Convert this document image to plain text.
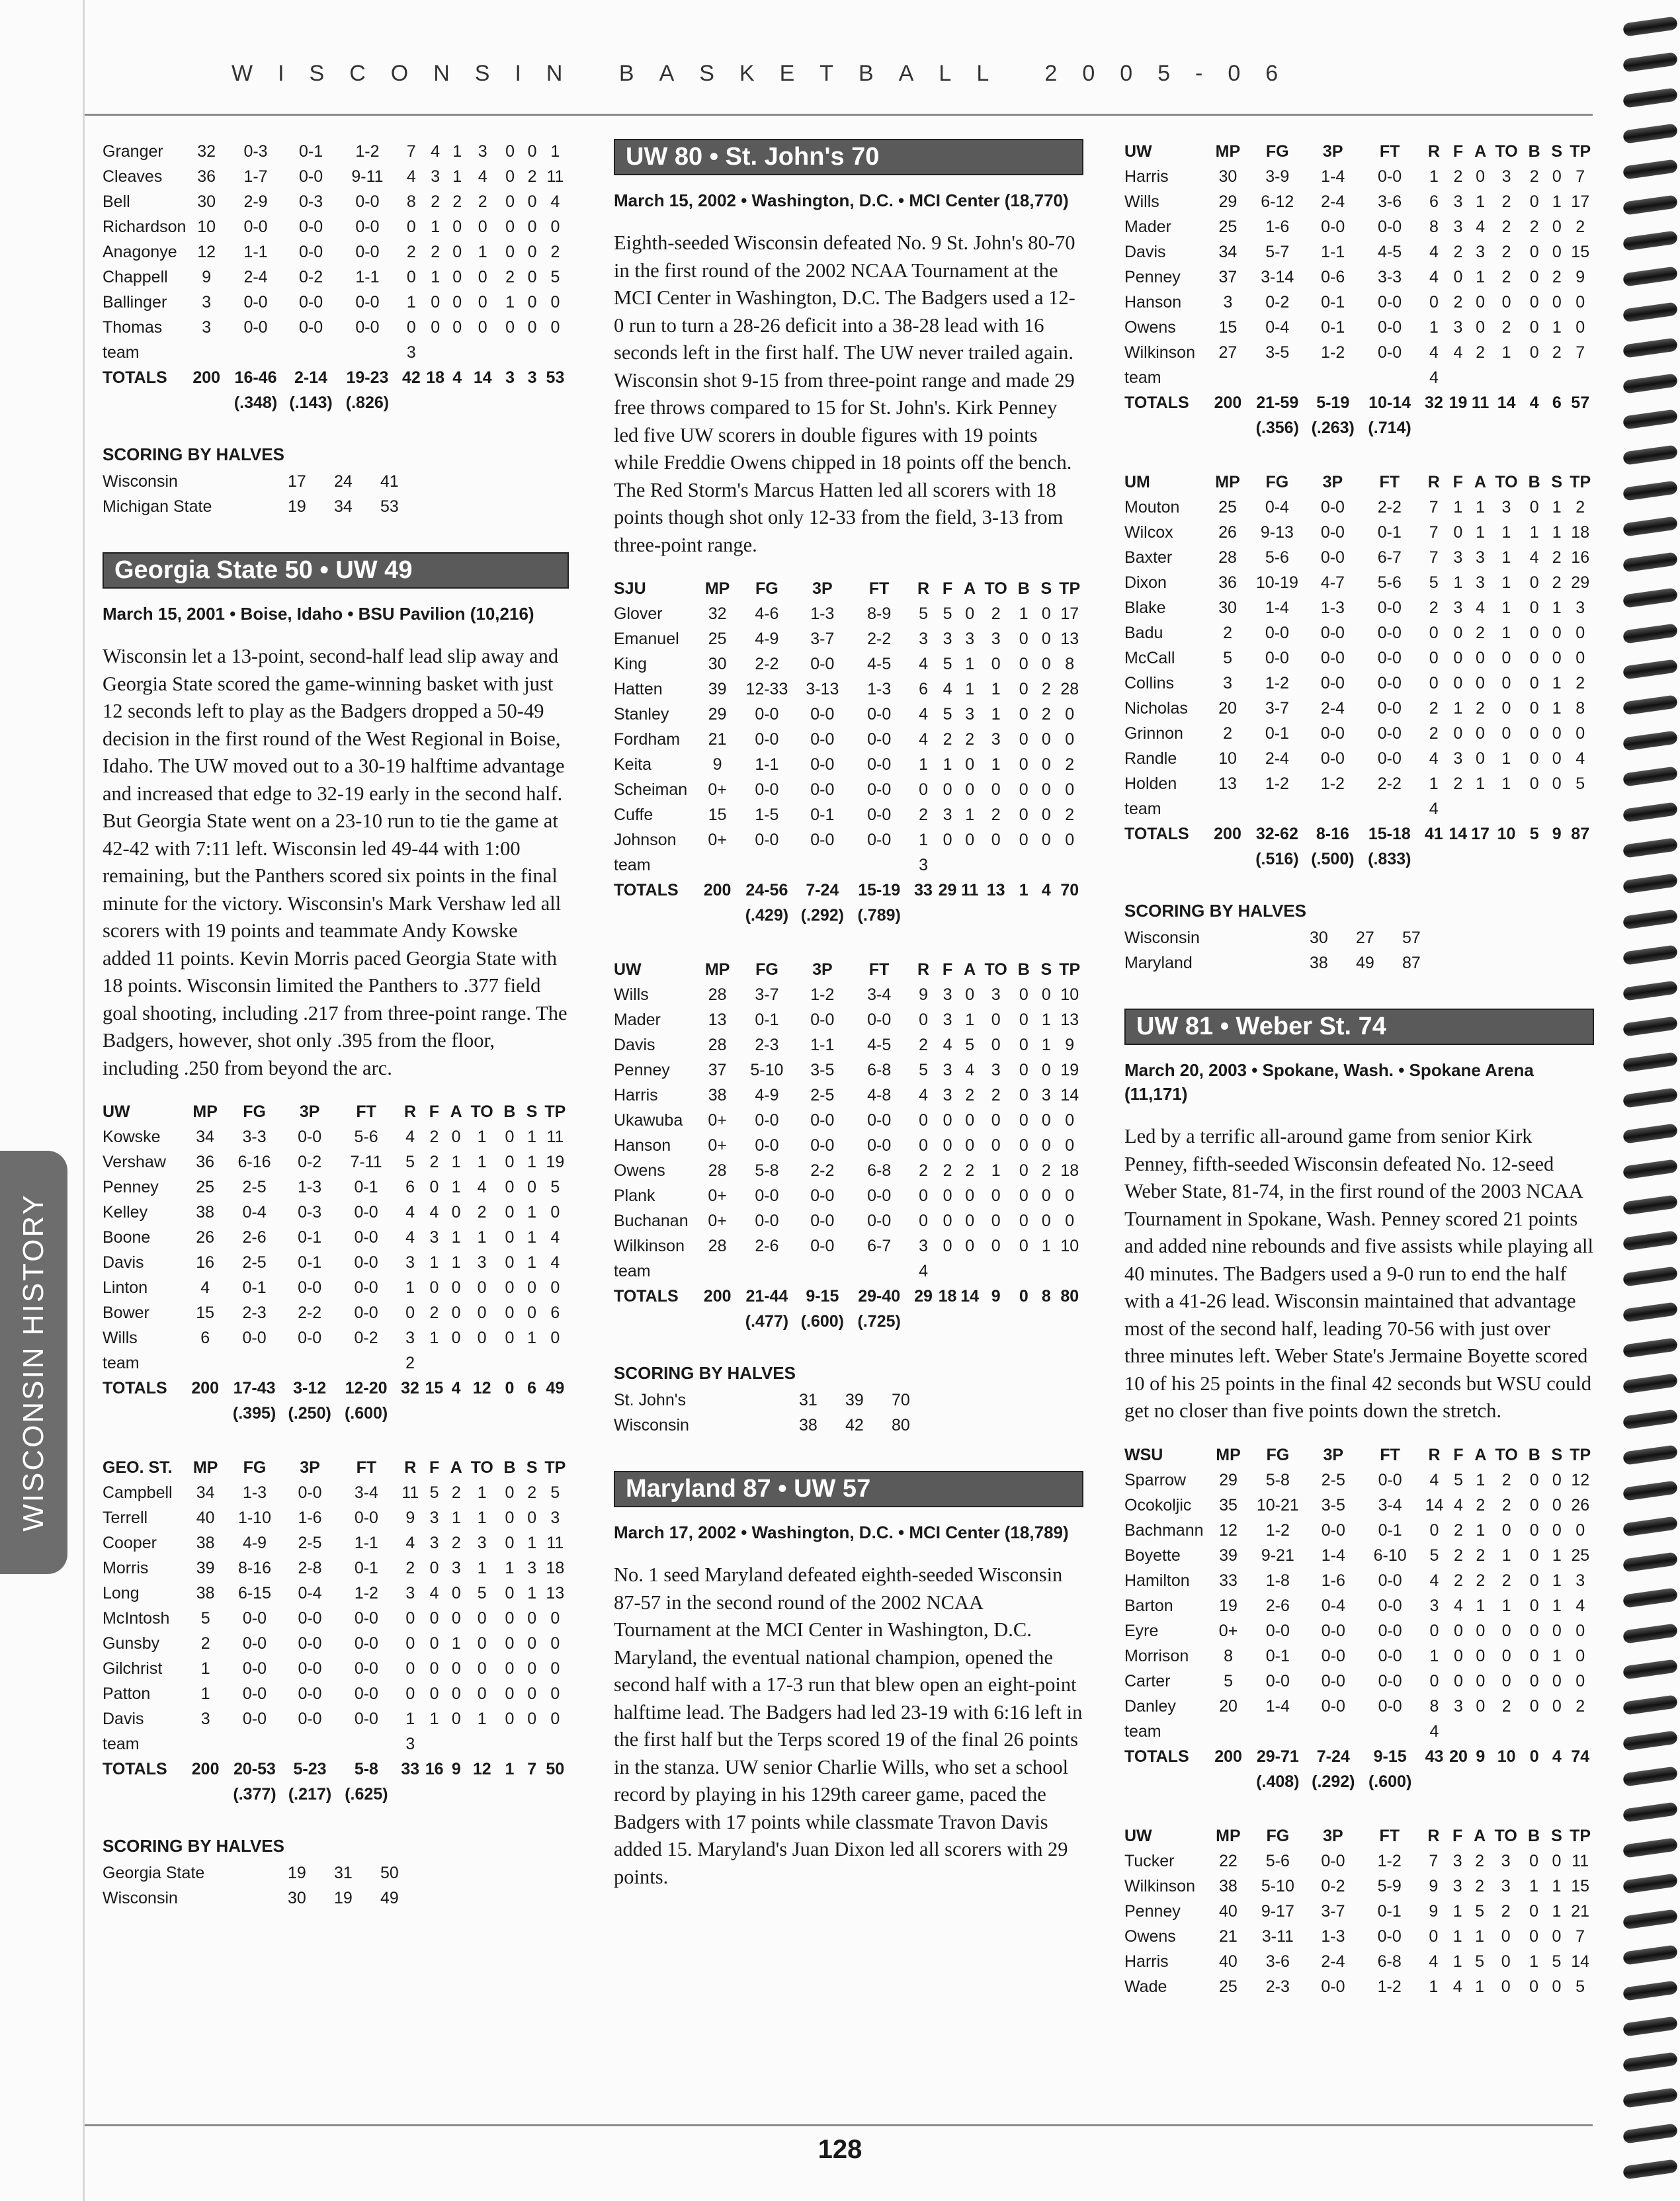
WISCONSIN BASKETBALL 2005-06
WISCONSIN HISTORY
Granger	32	0-3	0-1	1-2	7	4	1	3	0	0	1
Cleaves	36	1-7	0-0	9-11	4	3	1	4	0	2	11
Bell	30	2-9	0-3	0-0	8	2	2	2	0	0	4
Richardson	10	0-0	0-0	0-0	0	1	0	0	0	0	0
Anagonye	12	1-1	0-0	0-0	2	2	0	1	0	0	2
Chappell	9	2-4	0-2	1-1	0	1	0	0	2	0	5
Ballinger	3	0-0	0-0	0-0	1	0	0	0	1	0	0
Thomas	3	0-0	0-0	0-0	0	0	0	0	0	0	0
team					3						
TOTALS	200	16-46	2-14	19-23	42	18	4	14	3	3	53
		(.348)	(.143)	(.826)							
SCORING BY HALVES
Wisconsin	17	24	41
Michigan State	19	34	53
Georgia State 50 • UW 49
March 15, 2001 • Boise, Idaho • BSU Pavilion (10,216)
Wisconsin let a 13-point, second-half lead slip away and Georgia State scored the game-winning basket with just 12 seconds left to play as the Badgers dropped a 50-49 decision in the first round of the West Regional in Boise, Idaho. The UW moved out to a 30-19 halftime advantage and increased that edge to 32-19 early in the second half. But Georgia State went on a 23-10 run to tie the game at 42-42 with 7:11 left. Wisconsin led 49-44 with 1:00 remaining, but the Panthers scored six points in the final minute for the victory. Wisconsin's Mark Vershaw led all scorers with 19 points and teammate Andy Kowske added 11 points. Kevin Morris paced Georgia State with 18 points. Wisconsin limited the Panthers to .377 field goal shooting, including .217 from three-point range. The Badgers, however, shot only .395 from the floor, including .250 from beyond the arc.
UW	MP	FG	3P	FT	R	F	A	TO	B	S	TP
Kowske	34	3-3	0-0	5-6	4	2	0	1	0	1	11
Vershaw	36	6-16	0-2	7-11	5	2	1	1	0	1	19
Penney	25	2-5	1-3	0-1	6	0	1	4	0	0	5
Kelley	38	0-4	0-3	0-0	4	4	0	2	0	1	0
Boone	26	2-6	0-1	0-0	4	3	1	1	0	1	4
Davis	16	2-5	0-1	0-0	3	1	1	3	0	1	4
Linton	4	0-1	0-0	0-0	1	0	0	0	0	0	0
Bower	15	2-3	2-2	0-0	0	2	0	0	0	0	6
Wills	6	0-0	0-0	0-2	3	1	0	0	0	1	0
team					2						
TOTALS	200	17-43	3-12	12-20	32	15	4	12	0	6	49
		(.395)	(.250)	(.600)							
GEO. ST.	MP	FG	3P	FT	R	F	A	TO	B	S	TP
Campbell	34	1-3	0-0	3-4	11	5	2	1	0	2	5
Terrell	40	1-10	1-6	0-0	9	3	1	1	0	0	3
Cooper	38	4-9	2-5	1-1	4	3	2	3	0	1	11
Morris	39	8-16	2-8	0-1	2	0	3	1	1	3	18
Long	38	6-15	0-4	1-2	3	4	0	5	0	1	13
McIntosh	5	0-0	0-0	0-0	0	0	0	0	0	0	0
Gunsby	2	0-0	0-0	0-0	0	0	1	0	0	0	0
Gilchrist	1	0-0	0-0	0-0	0	0	0	0	0	0	0
Patton	1	0-0	0-0	0-0	0	0	0	0	0	0	0
Davis	3	0-0	0-0	0-0	1	1	0	1	0	0	0
team					3						
TOTALS	200	20-53	5-23	5-8	33	16	9	12	1	7	50
		(.377)	(.217)	(.625)							
SCORING BY HALVES
Georgia State	19	31	50
Wisconsin	30	19	49
UW 80 • St. John's 70
March 15, 2002 • Washington, D.C. • MCI Center (18,770)
Eighth-seeded Wisconsin defeated No. 9 St. John's 80-70 in the first round of the 2002 NCAA Tournament at the MCI Center in Washington, D.C. The Badgers used a 12-0 run to turn a 28-26 deficit into a 38-28 lead with 16 seconds left in the first half. The UW never trailed again. Wisconsin shot 9-15 from three-point range and made 29 free throws compared to 15 for St. John's. Kirk Penney led five UW scorers in double figures with 19 points while Freddie Owens chipped in 18 points off the bench. The Red Storm's Marcus Hatten led all scorers with 18 points though shot only 12-33 from the field, 3-13 from three-point range.
SJU	MP	FG	3P	FT	R	F	A	TO	B	S	TP
Glover	32	4-6	1-3	8-9	5	5	0	2	1	0	17
Emanuel	25	4-9	3-7	2-2	3	3	3	3	0	0	13
King	30	2-2	0-0	4-5	4	5	1	0	0	0	8
Hatten	39	12-33	3-13	1-3	6	4	1	1	0	2	28
Stanley	29	0-0	0-0	0-0	4	5	3	1	0	2	0
Fordham	21	0-0	0-0	0-0	4	2	2	3	0	0	0
Keita	9	1-1	0-0	0-0	1	1	0	1	0	0	2
Scheiman	0+	0-0	0-0	0-0	0	0	0	0	0	0	0
Cuffe	15	1-5	0-1	0-0	2	3	1	2	0	0	2
Johnson	0+	0-0	0-0	0-0	1	0	0	0	0	0	0
team					3						
TOTALS	200	24-56	7-24	15-19	33	29	11	13	1	4	70
		(.429)	(.292)	(.789)							
UW	MP	FG	3P	FT	R	F	A	TO	B	S	TP
Wills	28	3-7	1-2	3-4	9	3	0	3	0	0	10
Mader	13	0-1	0-0	0-0	0	3	1	0	0	1	13
Davis	28	2-3	1-1	4-5	2	4	5	0	0	1	9
Penney	37	5-10	3-5	6-8	5	3	4	3	0	0	19
Harris	38	4-9	2-5	4-8	4	3	2	2	0	3	14
Ukawuba	0+	0-0	0-0	0-0	0	0	0	0	0	0	0
Hanson	0+	0-0	0-0	0-0	0	0	0	0	0	0	0
Owens	28	5-8	2-2	6-8	2	2	2	1	0	2	18
Plank	0+	0-0	0-0	0-0	0	0	0	0	0	0	0
Buchanan	0+	0-0	0-0	0-0	0	0	0	0	0	0	0
Wilkinson	28	2-6	0-0	6-7	3	0	0	0	0	1	10
team					4						
TOTALS	200	21-44	9-15	29-40	29	18	14	9	0	8	80
		(.477)	(.600)	(.725)							
SCORING BY HALVES
St. John's	31	39	70
Wisconsin	38	42	80
Maryland 87 • UW 57
March 17, 2002 • Washington, D.C. • MCI Center (18,789)
No. 1 seed Maryland defeated eighth-seeded Wisconsin 87-57 in the second round of the 2002 NCAA Tournament at the MCI Center in Washington, D.C. Maryland, the eventual national champion, opened the second half with a 17-3 run that blew open an eight-point halftime lead. The Badgers had led 23-19 with 6:16 left in the first half but the Terps scored 19 of the final 26 points in the stanza. UW senior Charlie Wills, who set a school record by playing in his 129th career game, paced the Badgers with 17 points while classmate Travon Davis added 15. Maryland's Juan Dixon led all scorers with 29 points.
UW	MP	FG	3P	FT	R	F	A	TO	B	S	TP
Harris	30	3-9	1-4	0-0	1	2	0	3	2	0	7
Wills	29	6-12	2-4	3-6	6	3	1	2	0	1	17
Mader	25	1-6	0-0	0-0	8	3	4	2	2	0	2
Davis	34	5-7	1-1	4-5	4	2	3	2	0	0	15
Penney	37	3-14	0-6	3-3	4	0	1	2	0	2	9
Hanson	3	0-2	0-1	0-0	0	2	0	0	0	0	0
Owens	15	0-4	0-1	0-0	1	3	0	2	0	1	0
Wilkinson	27	3-5	1-2	0-0	4	4	2	1	0	2	7
team					4						
TOTALS	200	21-59	5-19	10-14	32	19	11	14	4	6	57
		(.356)	(.263)	(.714)							
UM	MP	FG	3P	FT	R	F	A	TO	B	S	TP
Mouton	25	0-4	0-0	2-2	7	1	1	3	0	1	2
Wilcox	26	9-13	0-0	0-1	7	0	1	1	1	1	18
Baxter	28	5-6	0-0	6-7	7	3	3	1	4	2	16
Dixon	36	10-19	4-7	5-6	5	1	3	1	0	2	29
Blake	30	1-4	1-3	0-0	2	3	4	1	0	1	3
Badu	2	0-0	0-0	0-0	0	0	2	1	0	0	0
McCall	5	0-0	0-0	0-0	0	0	0	0	0	0	0
Collins	3	1-2	0-0	0-0	0	0	0	0	0	1	2
Nicholas	20	3-7	2-4	0-0	2	1	2	0	0	1	8
Grinnon	2	0-1	0-0	0-0	2	0	0	0	0	0	0
Randle	10	2-4	0-0	0-0	4	3	0	1	0	0	4
Holden	13	1-2	1-2	2-2	1	2	1	1	0	0	5
team					4						
TOTALS	200	32-62	8-16	15-18	41	14	17	10	5	9	87
		(.516)	(.500)	(.833)							
SCORING BY HALVES
Wisconsin	30	27	57
Maryland	38	49	87
UW 81 • Weber St. 74
March 20, 2003 • Spokane, Wash. • Spokane Arena (11,171)
Led by a terrific all-around game from senior Kirk Penney, fifth-seeded Wisconsin defeated No. 12-seed Weber State, 81-74, in the first round of the 2003 NCAA Tournament in Spokane, Wash. Penney scored 21 points and added nine rebounds and five assists while playing all 40 minutes. The Badgers used a 9-0 run to end the half with a 41-26 lead. Wisconsin maintained that advantage most of the second half, leading 70-56 with just over three minutes left. Weber State's Jermaine Boyette scored 10 of his 25 points in the final 42 seconds but WSU could get no closer than five points down the stretch.
WSU	MP	FG	3P	FT	R	F	A	TO	B	S	TP
Sparrow	29	5-8	2-5	0-0	4	5	1	2	0	0	12
Ocokoljic	35	10-21	3-5	3-4	14	4	2	2	0	0	26
Bachmann	12	1-2	0-0	0-1	0	2	1	0	0	0	0
Boyette	39	9-21	1-4	6-10	5	2	2	1	0	1	25
Hamilton	33	1-8	1-6	0-0	4	2	2	2	0	1	3
Barton	19	2-6	0-4	0-0	3	4	1	1	0	1	4
Eyre	0+	0-0	0-0	0-0	0	0	0	0	0	0	0
Morrison	8	0-1	0-0	0-0	1	0	0	0	0	1	0
Carter	5	0-0	0-0	0-0	0	0	0	0	0	0	0
Danley	20	1-4	0-0	0-0	8	3	0	2	0	0	2
team					4						
TOTALS	200	29-71	7-24	9-15	43	20	9	10	0	4	74
		(.408)	(.292)	(.600)							
UW	MP	FG	3P	FT	R	F	A	TO	B	S	TP
Tucker	22	5-6	0-0	1-2	7	3	2	3	0	0	11
Wilkinson	38	5-10	0-2	5-9	9	3	2	3	1	1	15
Penney	40	9-17	3-7	0-1	9	1	5	2	0	1	21
Owens	21	3-11	1-3	0-0	0	1	1	0	0	0	7
Harris	40	3-6	2-4	6-8	4	1	5	0	1	5	14
Wade	25	2-3	0-0	1-2	1	4	1	0	0	0	5
128
